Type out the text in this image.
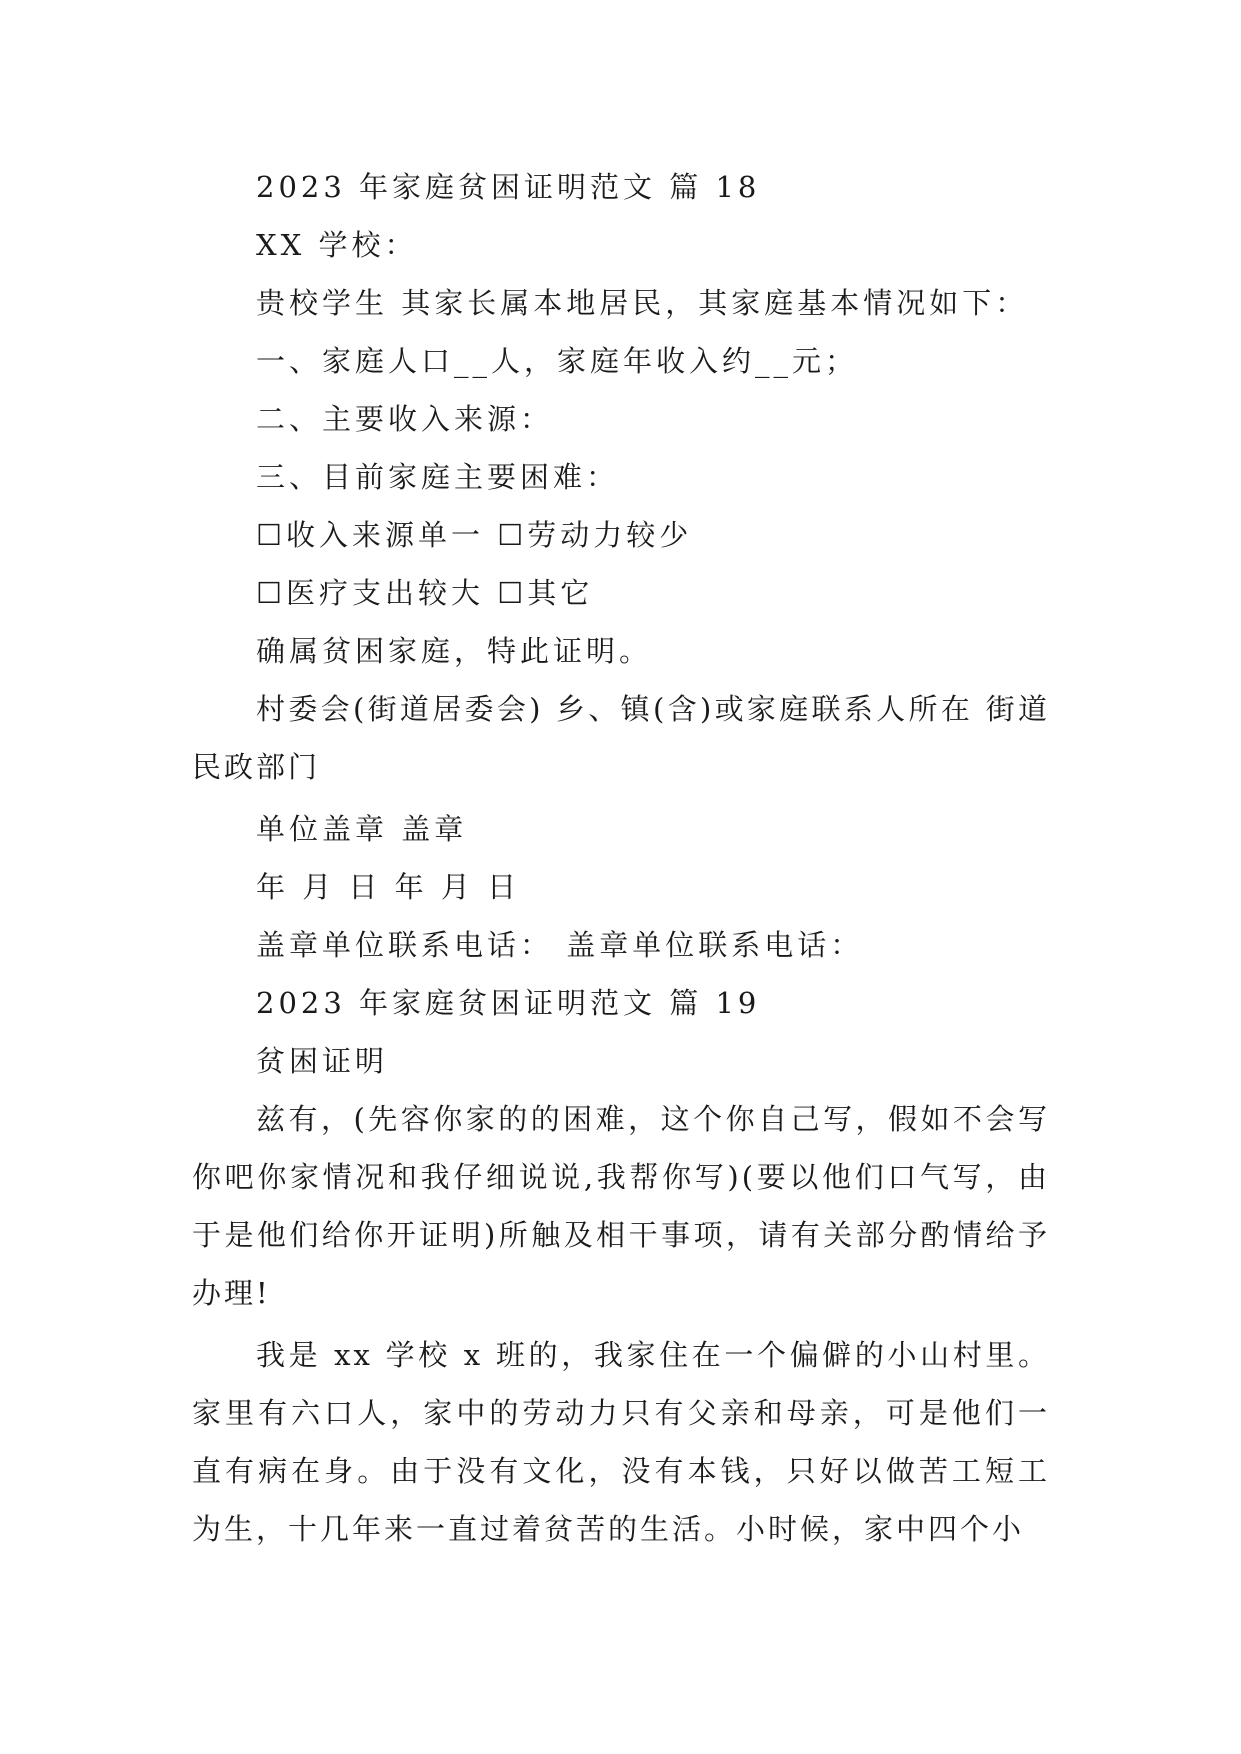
2023 年家庭贫困证明范文 篇 18
XX 学校：
贵校学生 其家长属本地居民，其家庭基本情况如下：
一、家庭人口__人，家庭年收入约__元；
二、主要收入来源：
三、目前家庭主要困难：
☐收入来源单一 ☐劳动力较少
☐医疗支出较大 ☐其它
确属贫困家庭，特此证明。

村委会(街道居委会) 乡、镇(含)或家庭联系人所在 街道民政部门

单位盖章 盖章
年 月 日 年 月 日
盖章单位联系电话： 盖章单位联系电话：
2023 年家庭贫困证明范文 篇 19
贫困证明

兹有，(先容你家的的困难，这个你自己写，假如不会写你吧你家情况和我仔细说说,我帮你写)(要以他们口气写，由于是他们给你开证明)所触及相干事项，请有关部分酌情给予办理!

我是 xx 学校 x 班的，我家住在一个偏僻的小山村里。家里有六口人，家中的劳动力只有父亲和母亲，可是他们一直有病在身。由于没有文化，没有本钱，只好以做苦工短工为生，十几年来一直过着贫苦的生活。小时候，家中四个小
